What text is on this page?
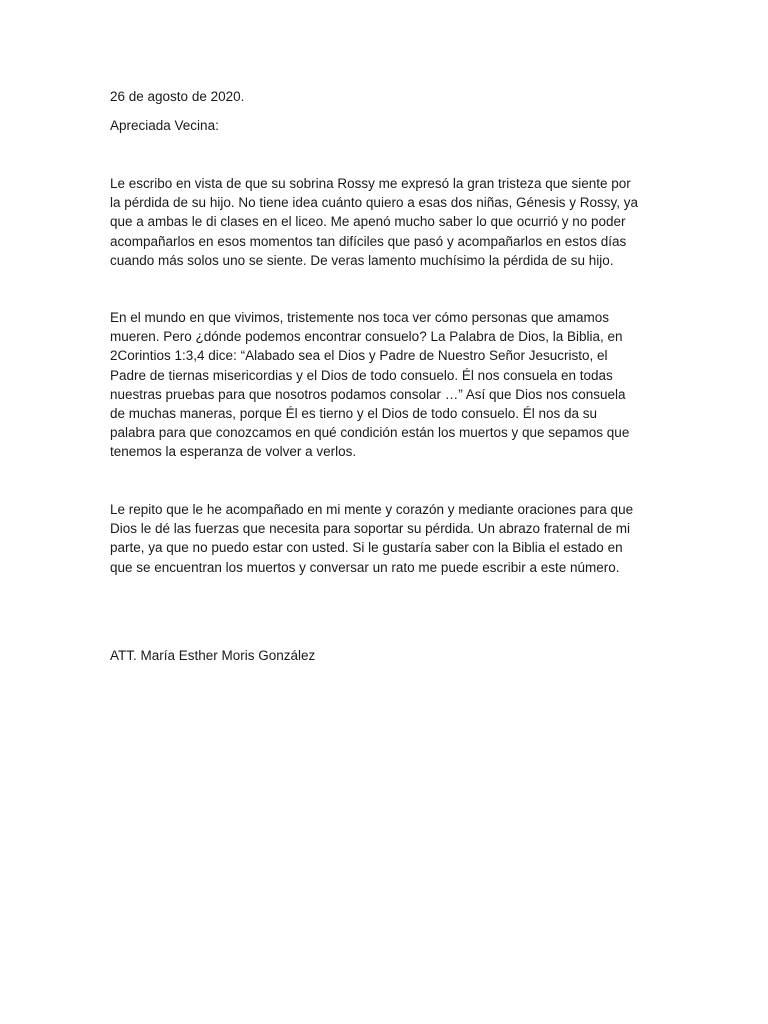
26 de agosto de 2020.

Apreciada Vecina:

Le escribo en vista de que su sobrina Rossy me expresó la gran tristeza que siente por
la pérdida de su hijo. No tiene idea cuánto quiero a esas dos niñas, Génesis y Rossy, ya
que a ambas le di clases en el liceo. Me apenó mucho saber lo que ocurrió y no poder
acompañarlos en esos momentos tan difíciles que pasó y acompañarlos en estos días
cuando más solos uno se siente. De veras lamento muchísimo la pérdida de su hijo.
En el mundo en que vivimos, tristemente nos toca ver cómo personas que amamos
mueren. Pero ¿dónde podemos encontrar consuelo? La Palabra de Dios, la Biblia, en
2Corintios 1:3,4 dice: “Alabado sea el Dios y Padre de Nuestro Señor Jesucristo, el
Padre de tiernas misericordias y el Dios de todo consuelo. Él nos consuela en todas
nuestras pruebas para que nosotros podamos consolar …” Así que Dios nos consuela
de muchas maneras, porque Él es tierno y el Dios de todo consuelo. Él nos da su
palabra para que conozcamos en qué condición están los muertos y que sepamos que
tenemos la esperanza de volver a verlos.
Le repito que le he acompañado en mi mente y corazón y mediante oraciones para que
Dios le dé las fuerzas que necesita para soportar su pérdida. Un abrazo fraternal de mi
parte, ya que no puedo estar con usted. Si le gustaría saber con la Biblia el estado en
que se encuentran los muertos y conversar un rato me puede escribir a este número.

ATT. María Esther Moris González
